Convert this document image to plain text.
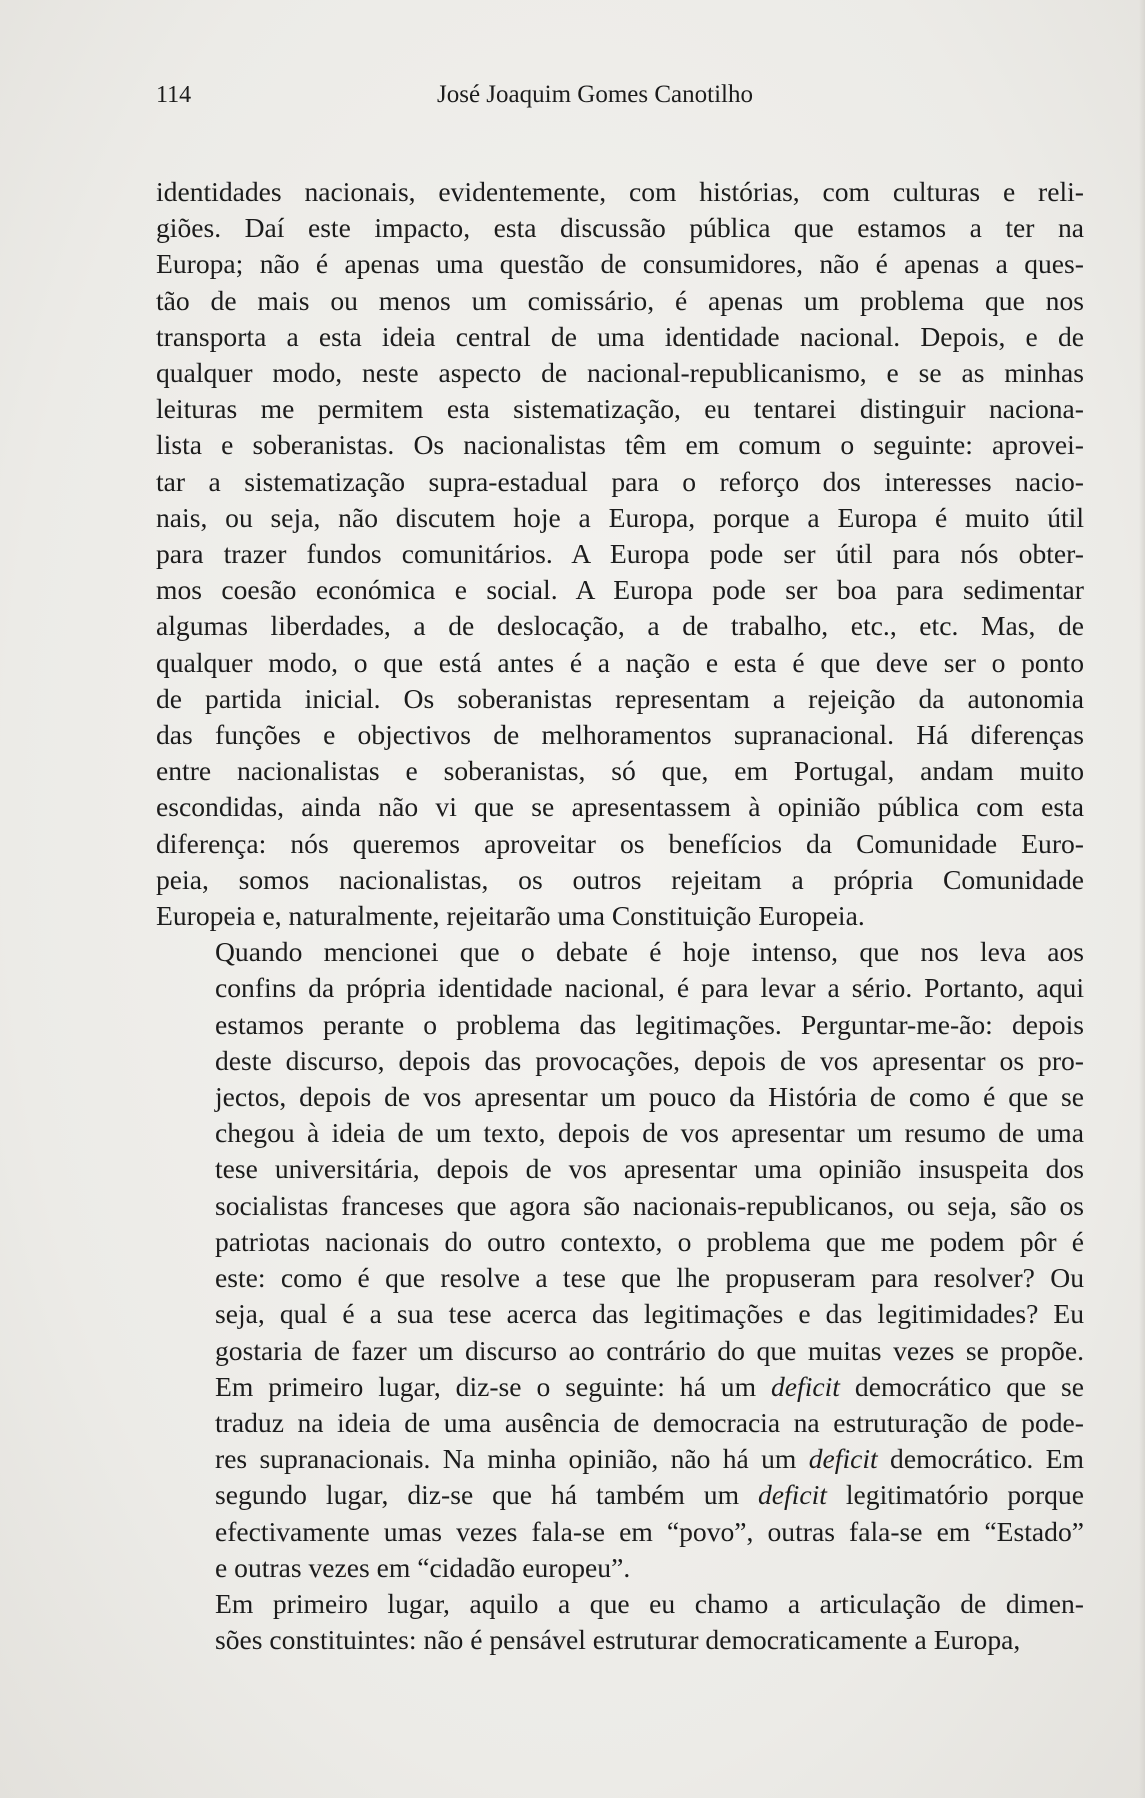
114	José Joaquim Gomes Canotilho

identidades nacionais, evidentemente, com histórias, com culturas e reli-
giões. Daí este impacto, esta discussão pública que estamos a ter na
Europa; não é apenas uma questão de consumidores, não é apenas a ques-
tão de mais ou menos um comissário, é apenas um problema que nos
transporta a esta ideia central de uma identidade nacional. Depois, e de
qualquer modo, neste aspecto de nacional-republicanismo, e se as minhas
leituras me permitem esta sistematização, eu tentarei distinguir naciona-
lista e soberanistas. Os nacionalistas têm em comum o seguinte: aprovei-
tar a sistematização supra-estadual para o reforço dos interesses nacio-
nais, ou seja, não discutem hoje a Europa, porque a Europa é muito útil
para trazer fundos comunitários. A Europa pode ser útil para nós obter-
mos coesão económica e social. A Europa pode ser boa para sedimentar
algumas liberdades, a de deslocação, a de trabalho, etc., etc. Mas, de
qualquer modo, o que está antes é a nação e esta é que deve ser o ponto
de partida inicial. Os soberanistas representam a rejeição da autonomia
das funções e objectivos de melhoramentos supranacional. Há diferenças
entre nacionalistas e soberanistas, só que, em Portugal, andam muito
escondidas, ainda não vi que se apresentassem à opinião pública com esta
diferença: nós queremos aproveitar os benefícios da Comunidade Euro-
peia, somos nacionalistas, os outros rejeitam a própria Comunidade
Europeia e, naturalmente, rejeitarão uma Constituição Europeia.

Quando mencionei que o debate é hoje intenso, que nos leva aos
confins da própria identidade nacional, é para levar a sério. Portanto, aqui
estamos perante o problema das legitimações. Perguntar-me-ão: depois
deste discurso, depois das provocações, depois de vos apresentar os pro-
jectos, depois de vos apresentar um pouco da História de como é que se
chegou à ideia de um texto, depois de vos apresentar um resumo de uma
tese universitária, depois de vos apresentar uma opinião insuspeita dos
socialistas franceses que agora são nacionais-republicanos, ou seja, são os
patriotas nacionais do outro contexto, o problema que me podem pôr é
este: como é que resolve a tese que lhe propuseram para resolver? Ou
seja, qual é a sua tese acerca das legitimações e das legitimidades? Eu
gostaria de fazer um discurso ao contrário do que muitas vezes se propõe.
Em primeiro lugar, diz-se o seguinte: há um deficit democrático que se
traduz na ideia de uma ausência de democracia na estruturação de pode-
res supranacionais. Na minha opinião, não há um deficit democrático. Em
segundo lugar, diz-se que há também um deficit legitimatório porque
efectivamente umas vezes fala-se em “povo”, outras fala-se em “Estado”
e outras vezes em “cidadão europeu”.

Em primeiro lugar, aquilo a que eu chamo a articulação de dimen-
sões constituintes: não é pensável estruturar democraticamente a Europa,
